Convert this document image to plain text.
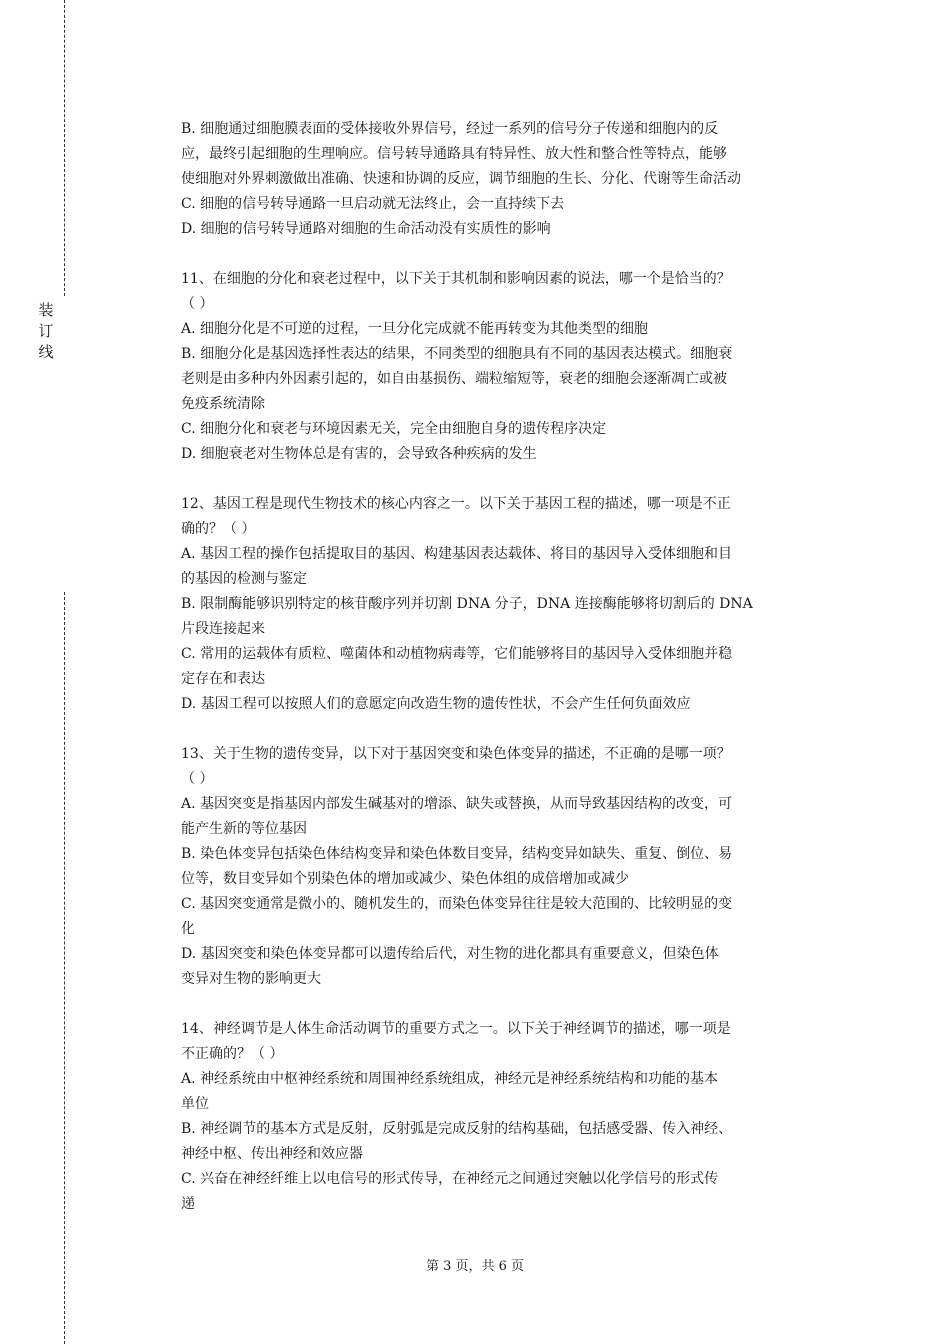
装
订
线

B. 细胞通过细胞膜表面的受体接收外界信号，经过一系列的信号分子传递和细胞内的反

应，最终引起细胞的生理响应。信号转导通路具有特异性、放大性和整合性等特点，能够

使细胞对外界刺激做出准确、快速和协调的反应，调节细胞的生长、分化、代谢等生命活动

C. 细胞的信号转导通路一旦启动就无法终止，会一直持续下去

D. 细胞的信号转导通路对细胞的生命活动没有实质性的影响

11、在细胞的分化和衰老过程中，以下关于其机制和影响因素的说法，哪一个是恰当的？

（ ）

A. 细胞分化是不可逆的过程，一旦分化完成就不能再转变为其他类型的细胞

B. 细胞分化是基因选择性表达的结果，不同类型的细胞具有不同的基因表达模式。细胞衰

老则是由多种内外因素引起的，如自由基损伤、端粒缩短等，衰老的细胞会逐渐凋亡或被

免疫系统清除

C. 细胞分化和衰老与环境因素无关，完全由细胞自身的遗传程序决定

D. 细胞衰老对生物体总是有害的，会导致各种疾病的发生

12、基因工程是现代生物技术的核心内容之一。以下关于基因工程的描述，哪一项是不正

确的？（ ）

A. 基因工程的操作包括提取目的基因、构建基因表达载体、将目的基因导入受体细胞和目

的基因的检测与鉴定

B. 限制酶能够识别特定的核苷酸序列并切割 DNA 分子，DNA 连接酶能够将切割后的 DNA

片段连接起来

C. 常用的运载体有质粒、噬菌体和动植物病毒等，它们能够将目的基因导入受体细胞并稳

定存在和表达

D. 基因工程可以按照人们的意愿定向改造生物的遗传性状，不会产生任何负面效应

13、关于生物的遗传变异，以下对于基因突变和染色体变异的描述，不正确的是哪一项？

（ ）

A. 基因突变是指基因内部发生碱基对的增添、缺失或替换，从而导致基因结构的改变，可

能产生新的等位基因

B. 染色体变异包括染色体结构变异和染色体数目变异，结构变异如缺失、重复、倒位、易

位等，数目变异如个别染色体的增加或减少、染色体组的成倍增加或减少

C. 基因突变通常是微小的、随机发生的，而染色体变异往往是较大范围的、比较明显的变

化

D. 基因突变和染色体变异都可以遗传给后代，对生物的进化都具有重要意义，但染色体

变异对生物的影响更大

14、神经调节是人体生命活动调节的重要方式之一。以下关于神经调节的描述，哪一项是

不正确的？（ ）

A. 神经系统由中枢神经系统和周围神经系统组成，神经元是神经系统结构和功能的基本

单位

B. 神经调节的基本方式是反射，反射弧是完成反射的结构基础，包括感受器、传入神经、

神经中枢、传出神经和效应器

C. 兴奋在神经纤维上以电信号的形式传导，在神经元之间通过突触以化学信号的形式传

递

第 3 页，共 6 页
